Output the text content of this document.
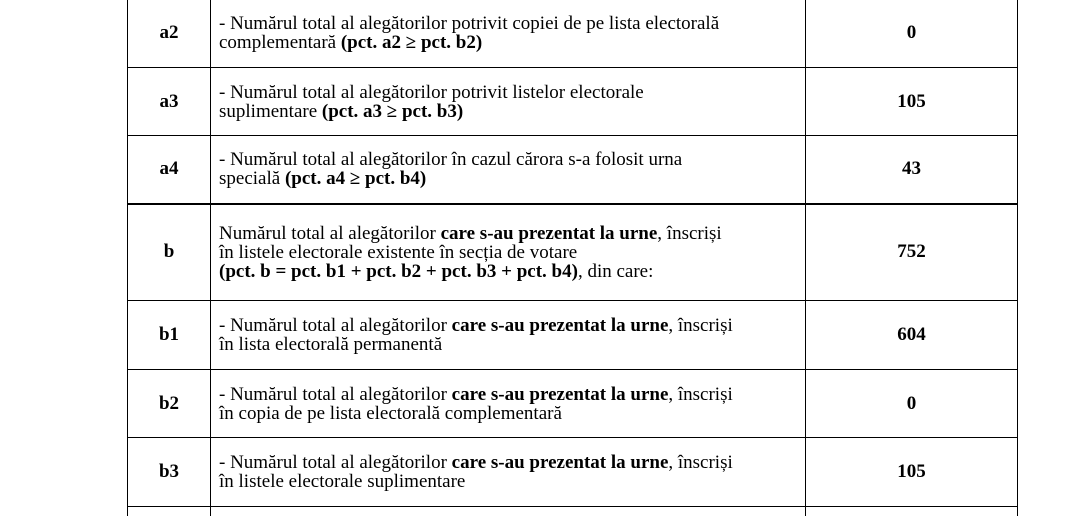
a2	- Numărul total al alegătorilor potrivit copiei de pe lista electorală
complementară (pct. a2 ≥ pct. b2)	0
a3	- Numărul total al alegătorilor potrivit listelor electorale
suplimentare (pct. a3 ≥ pct. b3)	105
a4	- Numărul total al alegătorilor în cazul cărora s-a folosit urna
specială (pct. a4 ≥ pct. b4)	43
b	Numărul total al alegătorilor care s-au prezentat la urne, înscriși
în listele electorale existente în secția de votare
(pct. b = pct. b1 + pct. b2 + pct. b3 + pct. b4), din care:	752
b1	- Numărul total al alegătorilor care s-au prezentat la urne, înscriși
în lista electorală permanentă	604
b2	- Numărul total al alegătorilor care s-au prezentat la urne, înscriși
în copia de pe lista electorală complementară	0
b3	- Numărul total al alegătorilor care s-au prezentat la urne, înscriși
în listele electorale suplimentare	105
